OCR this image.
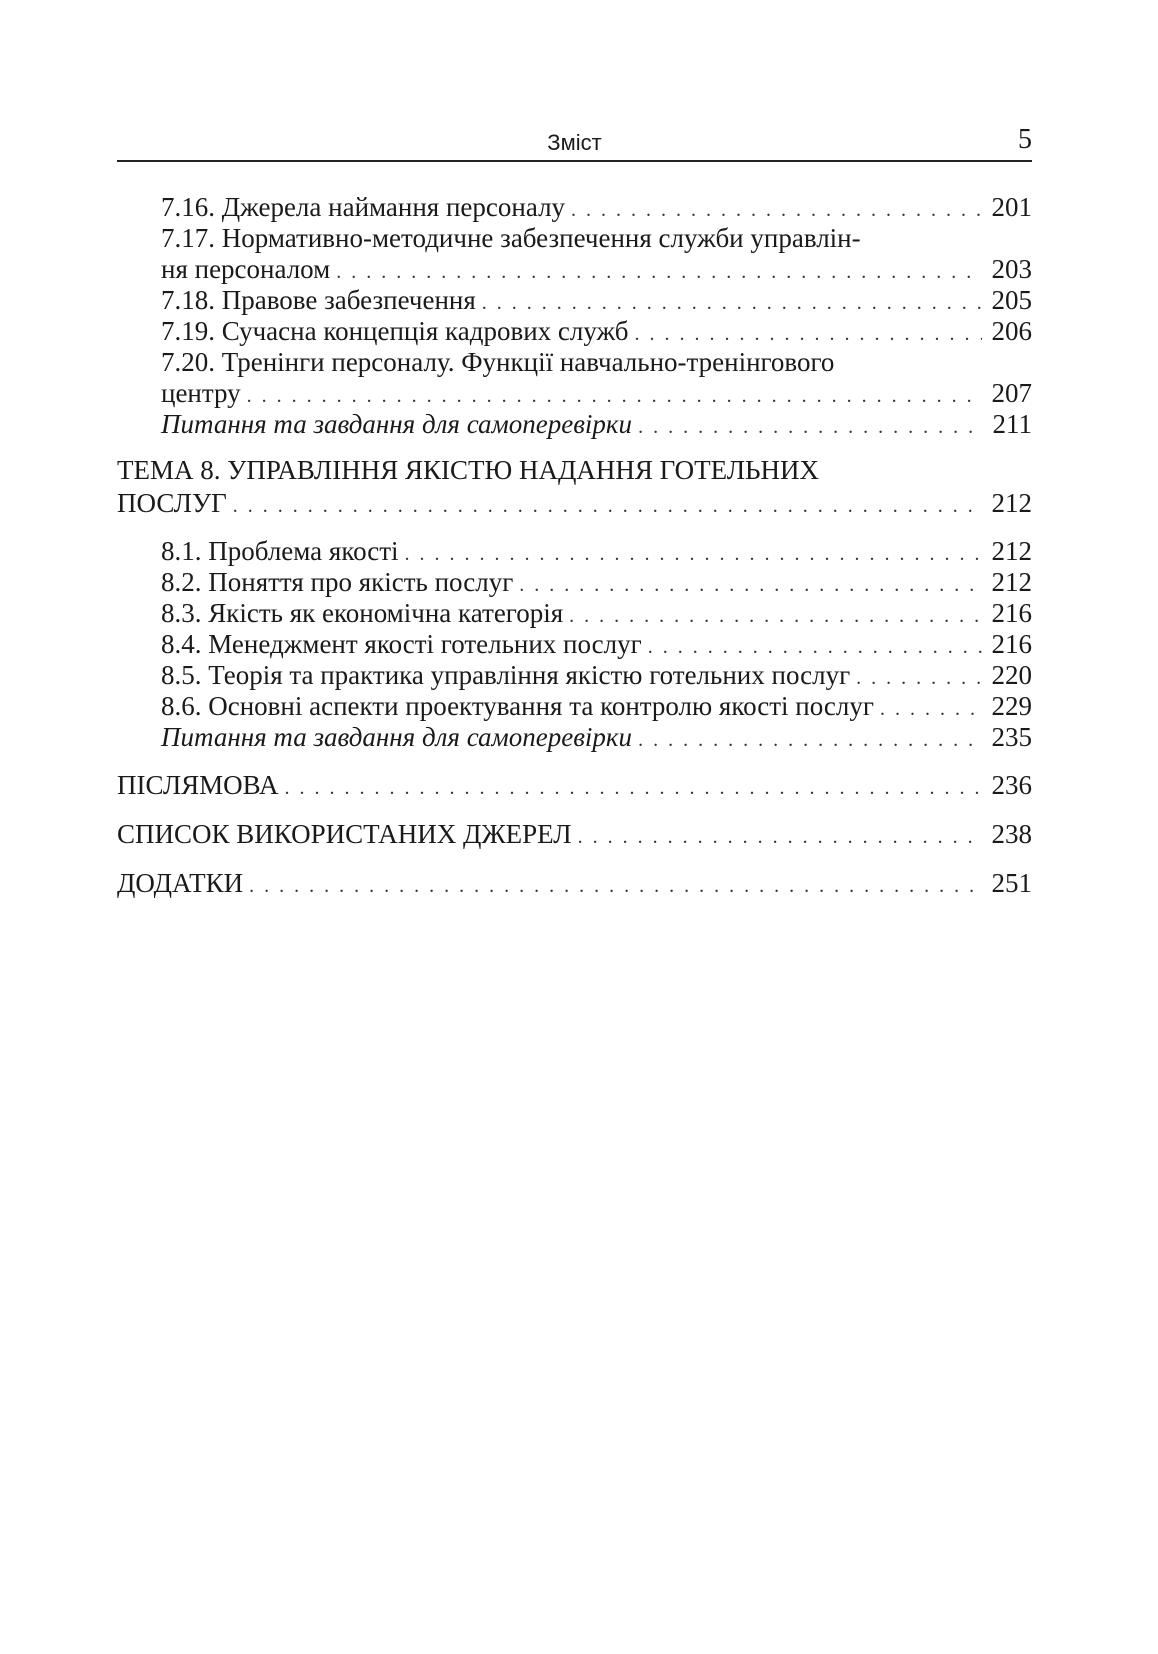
Зміст	5
7.16. Джерела наймання персоналу . . .	201
7.17. Нормативно-методичне забезпечення служби управлін-
ня персоналом . . .	203
7.18. Правове забезпечення . . .	205
7.19. Сучасна концепція кадрових служб . . .	206
7.20. Тренінги персоналу. Функції навчально-тренінгового
центру . . .	207
Питання та завдання для самоперевірки . . .	211
ТЕМА 8. УПРАВЛІННЯ ЯКІСТЮ НАДАННЯ ГОТЕЛЬНИХ
ПОСЛУГ . . .	212
8.1. Проблема якості . . .	212
8.2. Поняття про якість послуг . . .	212
8.3. Якість як економічна категорія . . .	216
8.4. Менеджмент якості готельних послуг . . .	216
8.5. Теорія та практика управління якістю готельних послуг . . .	220
8.6. Основні аспекти проектування та контролю якості послуг . . .	229
Питання та завдання для самоперевірки . . .	235
ПІСЛЯМОВА . . .	236
СПИСОК ВИКОРИСТАНИХ ДЖЕРЕЛ . . .	238
ДОДАТКИ . . .	251
